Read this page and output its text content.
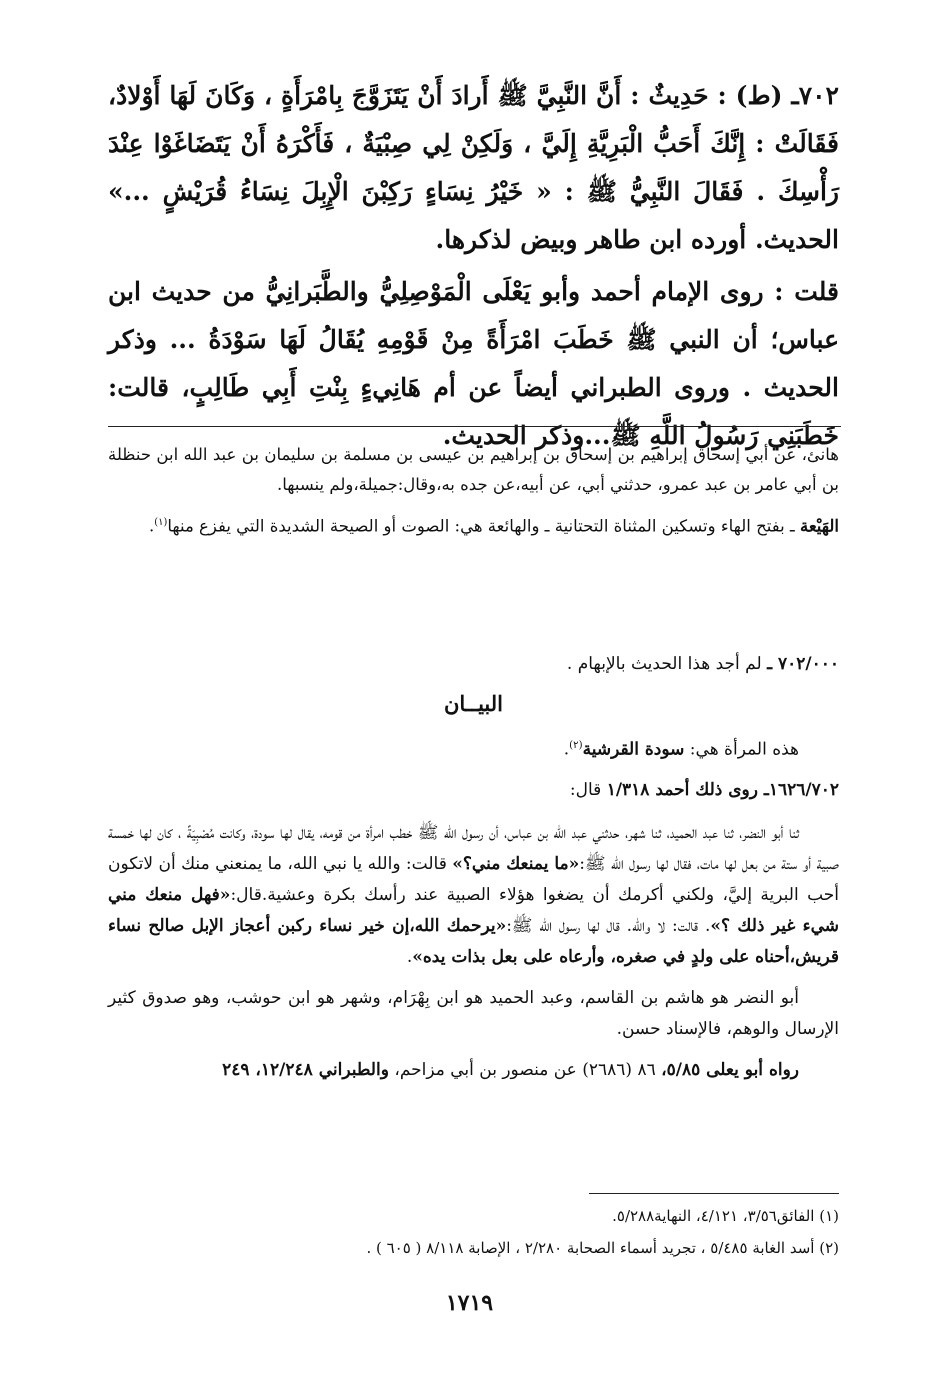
٧٠٢ـ (ط) : حَدِيثٌ : أَنَّ النَّبِيَّ ﷺ أَرادَ أَنْ يَتَزَوَّجَ بِامْرَأَةٍ ، وَكَانَ لَهَا أَوْلادٌ، فَقَالَتْ : إِنَّكَ أَحَبُّ الْبَرِيَّةِ إِلَيَّ ، وَلَكِنْ لِي صِبْيَةٌ ، فَأَكْرَهُ أَنْ يَتَضَاغَوْا عِنْدَ رَأْسِكَ . فَقَالَ النَّبِيُّ ﷺ : « خَيْرُ نِسَاءٍ رَكِبْنَ الْإِبِلَ نِسَاءُ قُرَيْشٍ ...» الحديث. أورده ابن طاهر وبيض لذكرها.

قلت : روى الإمام أحمد وأبو يَعْلَى الْمَوْصِلِيُّ والطَّبَرانِيُّ من حديث ابن عباس؛ أن النبي ﷺ خَطَبَ امْرَأَةً مِنْ قَوْمِهِ يُقَالُ لَهَا سَوْدَةُ ... وذكر الحديث . وروى الطبراني أيضاً عن أم هَانِيءٍ بِنْتِ أَبِي طَالِبٍ، قالت: خَطَبَنِي رَسُولُ اللَّهِ ﷺ...وذكر الحديث.

هانئ، عن أبي إسحاق إبراهيم بن إسحاق بن إبراهيم بن عيسى بن مسلمة بن سليمان بن عبد الله ابن حنظلة بن أبي عامر بن عبد عمرو، حدثني أبي، عن أبيه،عن جده به،وقال:جميلة،ولم ينسبها.

الهَيْعة ـ بفتح الهاء وتسكين المثناة التحتانية ـ والهائعة هي: الصوت أو الصيحة الشديدة التي يفزع منها$^{(١)}$.

٧٠٢/٠٠٠ ـ لم أجد هذا الحديث بالإبهام .

البيــان

هذه المرأة هي: سودة القرشية$^{(٢)}$.

١٦٢٦/٧٠٢ـ روى ذلك أحمد ١/٣١٨ قال:

ثنا أبو النضر، ثنا عبد الحميد، ثنا شهر، حدثني عبد الله بن عباس، أن رسول الله ﷺ خطب امرأة من قومه، يقال لها سودة، وكانت مُصْبِيَةً ، كان لها خمسة صبية أو ستة من بعل لها مات، فقال لها رسول الله ﷺ:«ما يمنعك مني؟» قالت: والله يا نبي الله، ما يمنعني منك أن لاتكون أحب البرية إليَّ، ولكني أكرمك أن يضغوا هؤلاء الصبية عند رأسك بكرة وعشية.قال:«فهل منعك مني شيء غير ذلك ؟». قالت: لا والله. قال لها رسول الله ﷺ:«يرحمك الله،إن خير نساء ركبن أعجاز الإبل صالح نساء قريش،أحناه على ولدٍ في صغره، وأرعاه على بعل بذات يده».

أبو النضر هو هاشم بن القاسم، وعبد الحميد هو ابن بِهْرَام، وشهر هو ابن حوشب، وهو صدوق كثير الإرسال والوهم، فالإسناد حسن.

رواه أبو يعلى ٥/٨٥، ٨٦ (٢٦٨٦) عن منصور بن أبي مزاحم، والطبراني ١٢/٢٤٨، ٢٤٩

(١) الفائق٣/٥٦، ٤/١٢١، النهاية٥/٢٨٨.

(٢) أسد الغابة ٥/٤٨٥ ، تجريد أسماء الصحابة ٢/٢٨٠ ، الإصابة ٨/١١٨ ( ٦٠٥ ) .

١٧١٩
